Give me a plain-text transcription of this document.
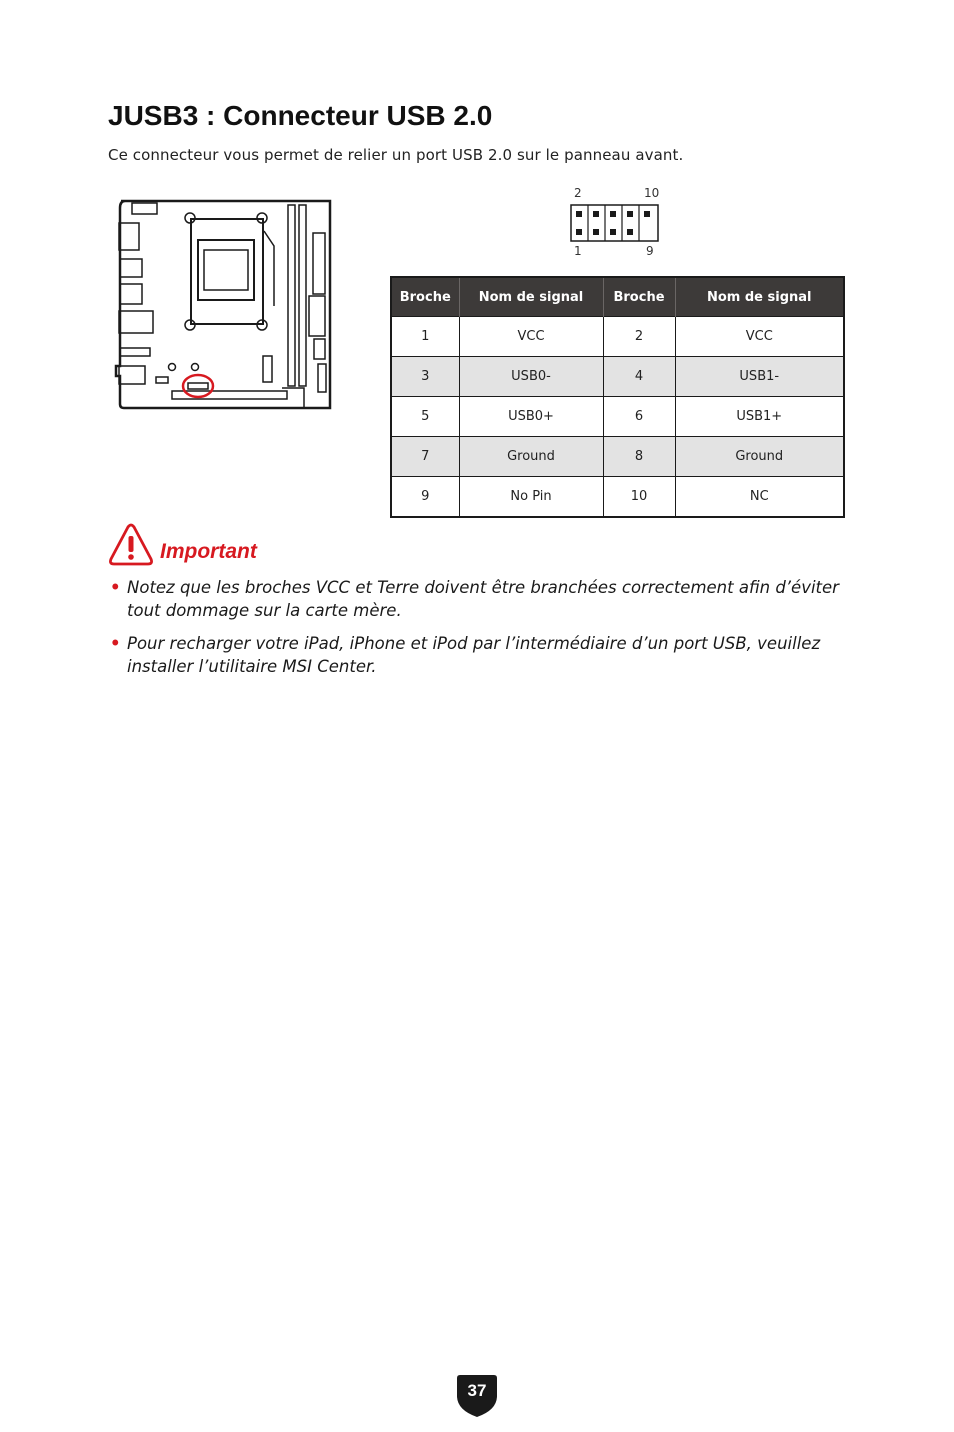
JUSB3 : Connecteur USB 2.0
Ce connecteur vous permet de relier un port USB 2.0 sur le panneau avant.
2	10
1	9
Broche	Nom de signal	Broche	Nom de signal
1	VCC	2	VCC
3	USB0-	4	USB1-
5	USB0+	6	USB1+
7	Ground	8	Ground
9	No Pin	10	NC
Important
• Notez que les broches VCC et Terre doivent être branchées correctement afin d’éviter tout dommage sur la carte mère.
• Pour recharger votre iPad, iPhone et iPod par l’intermédiaire d’un port USB, veuillez installer l’utilitaire MSI Center.
37
